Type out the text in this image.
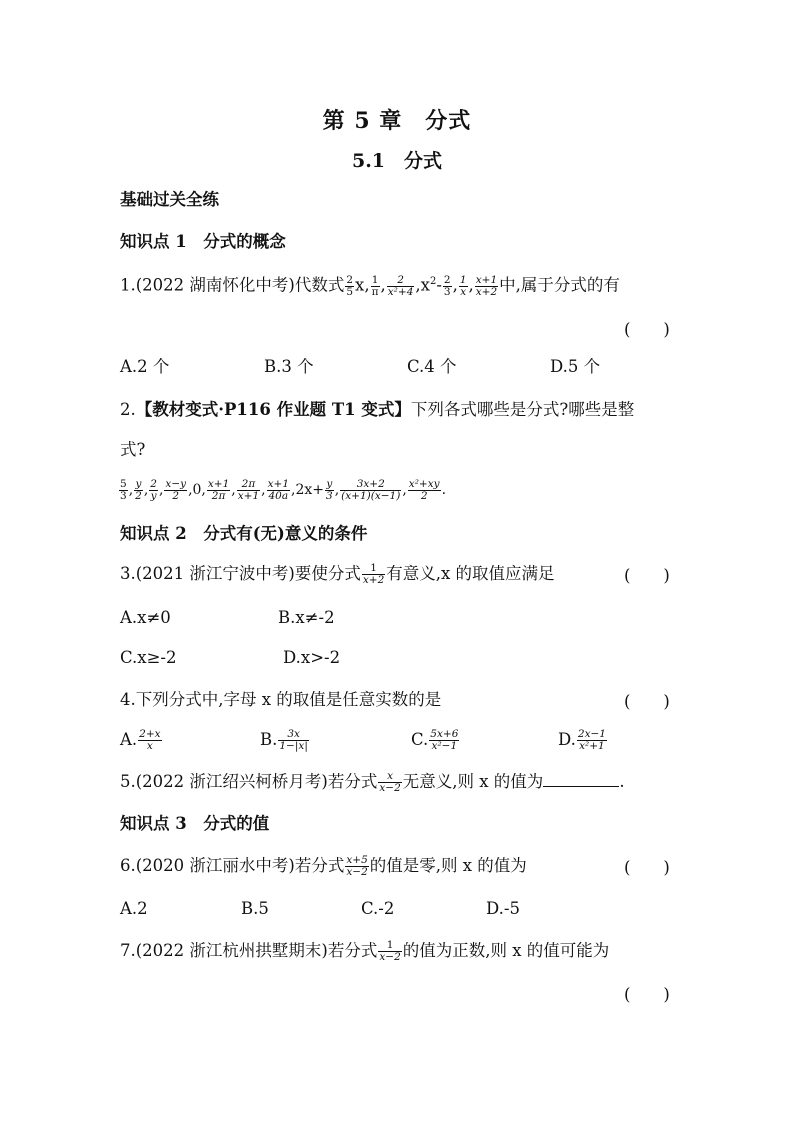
第 5 章　分式
5.1　分式
基础过关全练
知识点 1　分式的概念
1.(2022 湖南怀化中考)代数式 $\frac{2}{5} x$, $\frac{1}{\pi}$ , $\frac{2}{\text{x²+4}} ,x^2- \frac{2}{3}$ , $\frac{1}{x}$ , $\frac{x+1}{x+2}$ 中,属于分式的有
(　　)
A.2 个	B.3 个	C.4 个	D.5 个
2.【教材变式·P116 作业题 T1 变式】下列各式哪些是分式?哪些是整
式?
$\frac{5}{3}$ , $\frac{y}{2}$ , $\frac{2}{y}$ , $\frac{x-y}{2} ,0$, $\frac{x+1}{2\pi}$ , $\frac{2\pi}{x+1}$ , $\frac{x+1}{40a} ,2x+ \frac{y}{3}$ , $\frac{3x+2}{(x+1)(x-1)}$ , $\frac{\text{x²+xy}}{2}$ .
知识点 2　分式有(无)意义的条件
3.(2021 浙江宁波中考)要使分式 $\frac{1}{x+2}$ 有意义,x 的取值应满足	(　　)
A.x≠0	B.x≠-2
C.x≥-2	D.x>-2
4.下列分式中,字母 x 的取值是任意实数的是	(　　)
A. $\frac{2+x}{x}$	B. $\frac{3x}{1-|x|}$	C. $\frac{5x+6}{\text{x²−1}}$	D. $\frac{2x-1}{\text{x²+1}}$
5.(2022 浙江绍兴柯桥月考)若分式 $\frac{x}{x-2}$ 无意义,则 x 的值为	.
知识点 3　分式的值
6.(2020 浙江丽水中考)若分式 $\frac{x+5}{x-2}$ 的值是零,则 x 的值为	(　　)
A.2	B.5	C.-2	D.-5
7.(2022 浙江杭州拱墅期末)若分式 $\frac{1}{x-2}$ 的值为正数,则 x 的值可能为
(　　)
